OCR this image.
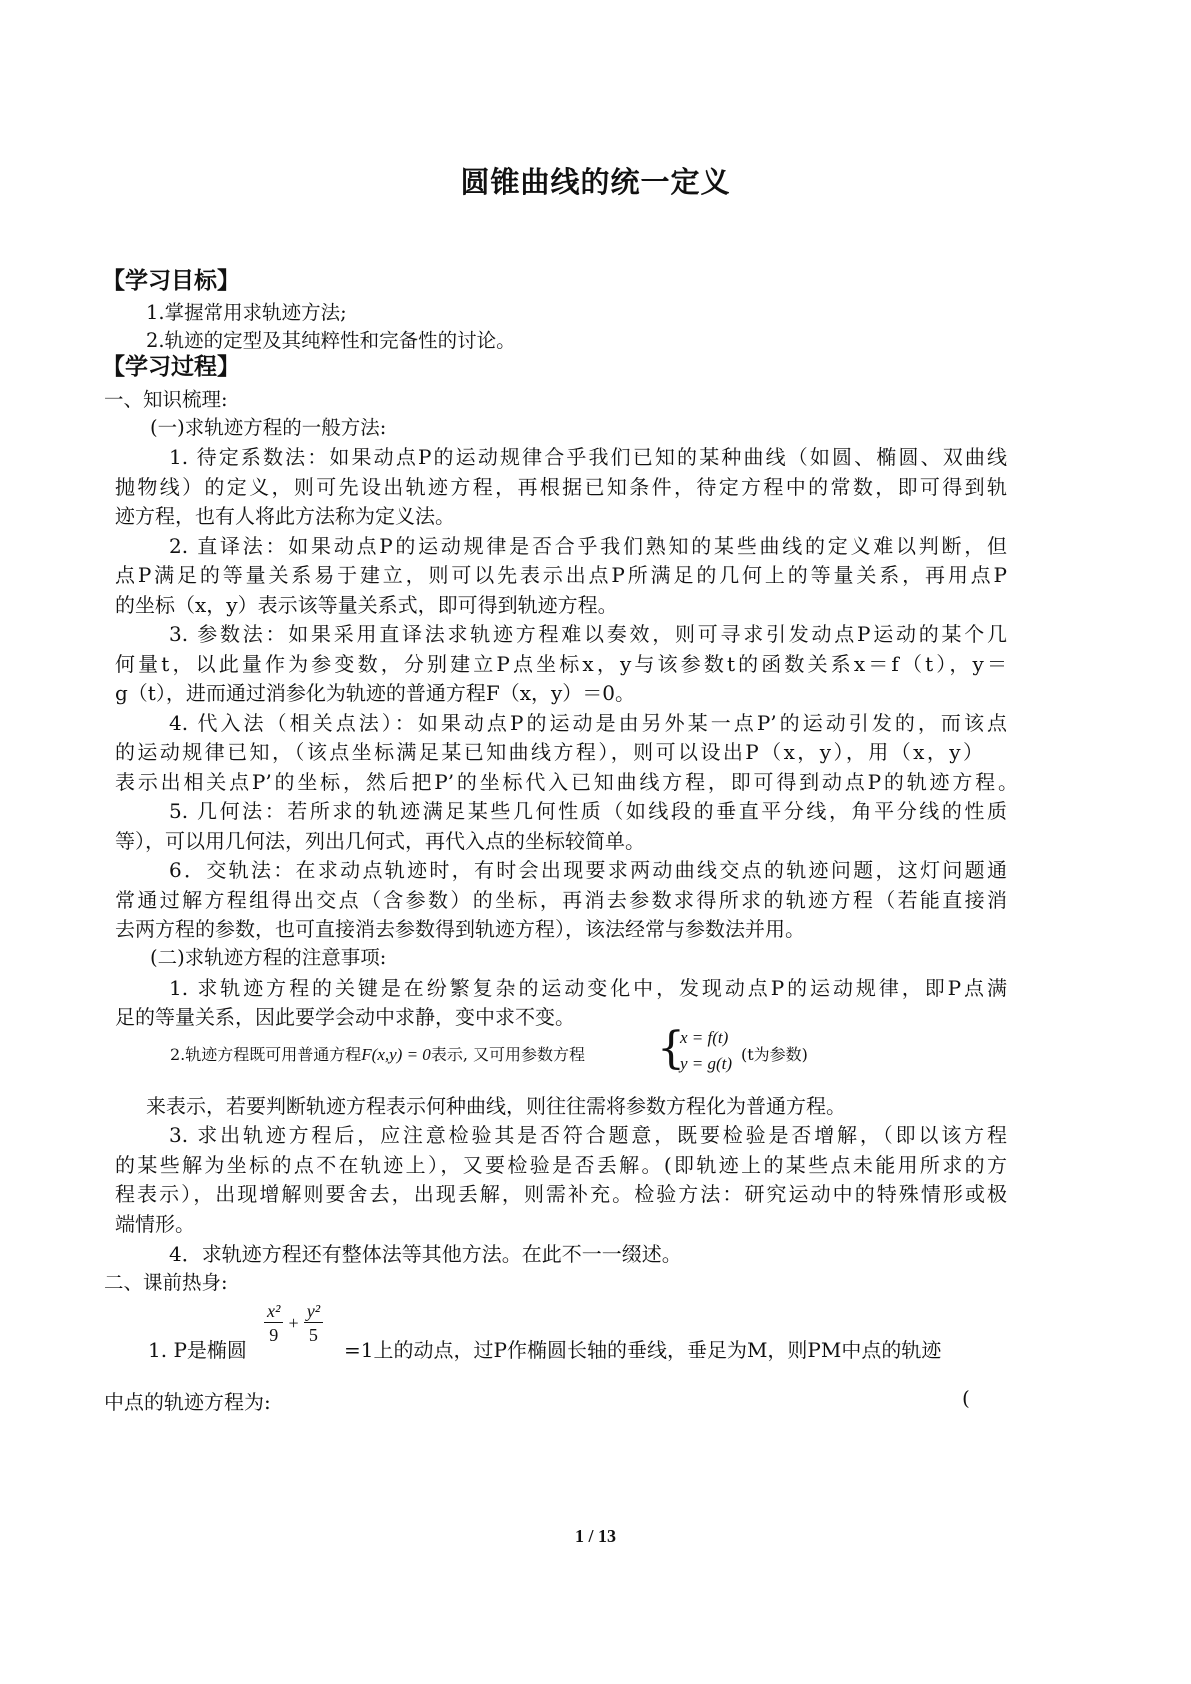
圆锥曲线的统一定义
【学习目标】
1.掌握常用求轨迹方法;
2.轨迹的定型及其纯粹性和完备性的讨论。
【学习过程】
一、知识梳理:
(一)求轨迹方程的一般方法:
1. 待定系数法：如果动点P的运动规律合乎我们已知的某种曲线（如圆、椭圆、双曲线
抛物线）的定义，则可先设出轨迹方程，再根据已知条件，待定方程中的常数，即可得到轨
迹方程，也有人将此方法称为定义法。
2. 直译法：如果动点P的运动规律是否合乎我们熟知的某些曲线的定义难以判断，但
点P满足的等量关系易于建立，则可以先表示出点P所满足的几何上的等量关系，再用点P
的坐标（x，y）表示该等量关系式，即可得到轨迹方程。
3. 参数法：如果采用直译法求轨迹方程难以奏效，则可寻求引发动点P运动的某个几
何量t，以此量作为参变数，分别建立P点坐标x，y与该参数t的函数关系x＝f（t），y＝
g（t），进而通过消参化为轨迹的普通方程F（x，y）＝0。
4. 代入法（相关点法）：如果动点P的运动是由另外某一点P’的运动引发的，而该点
的运动规律已知，（该点坐标满足某已知曲线方程），则可以设出P（x，y），用（x，y）
表示出相关点P’的坐标，然后把P’的坐标代入已知曲线方程，即可得到动点P的轨迹方程。
5. 几何法：若所求的轨迹满足某些几何性质（如线段的垂直平分线，角平分线的性质
等），可以用几何法，列出几何式，再代入点的坐标较简单。
6．交轨法：在求动点轨迹时，有时会出现要求两动曲线交点的轨迹问题，这灯问题通
常通过解方程组得出交点（含参数）的坐标，再消去参数求得所求的轨迹方程（若能直接消
去两方程的参数，也可直接消去参数得到轨迹方程），该法经常与参数法并用。
(二)求轨迹方程的注意事项:
1. 求轨迹方程的关键是在纷繁复杂的运动变化中，发现动点P的运动规律，即P点满
足的等量关系，因此要学会动中求静，变中求不变。
2.轨迹方程既可用普通方程F(x,y) = 0表示, 又可用参数方程 {
x = f(t)
y = g(t) (t为参数)
来表示，若要判断轨迹方程表示何种曲线，则往往需将参数方程化为普通方程。
3. 求出轨迹方程后，应注意检验其是否符合题意，既要检验是否增解，（即以该方程
的某些解为坐标的点不在轨迹上），又要检验是否丢解。(即轨迹上的某些点未能用所求的方
程表示），出现增解则要舍去，出现丢解，则需补充。检验方法：研究运动中的特殊情形或极
端情形。
4．求轨迹方程还有整体法等其他方法。在此不一一缀述。
二、课前热身:
1. P是椭圆
$\frac{\text{x²}}{9} + \frac{\text{y²}}{5}$
=1上的动点，过P作椭圆长轴的垂线，垂足为M，则PM中点的轨迹
中点的轨迹方程为:	(
1 / 13
